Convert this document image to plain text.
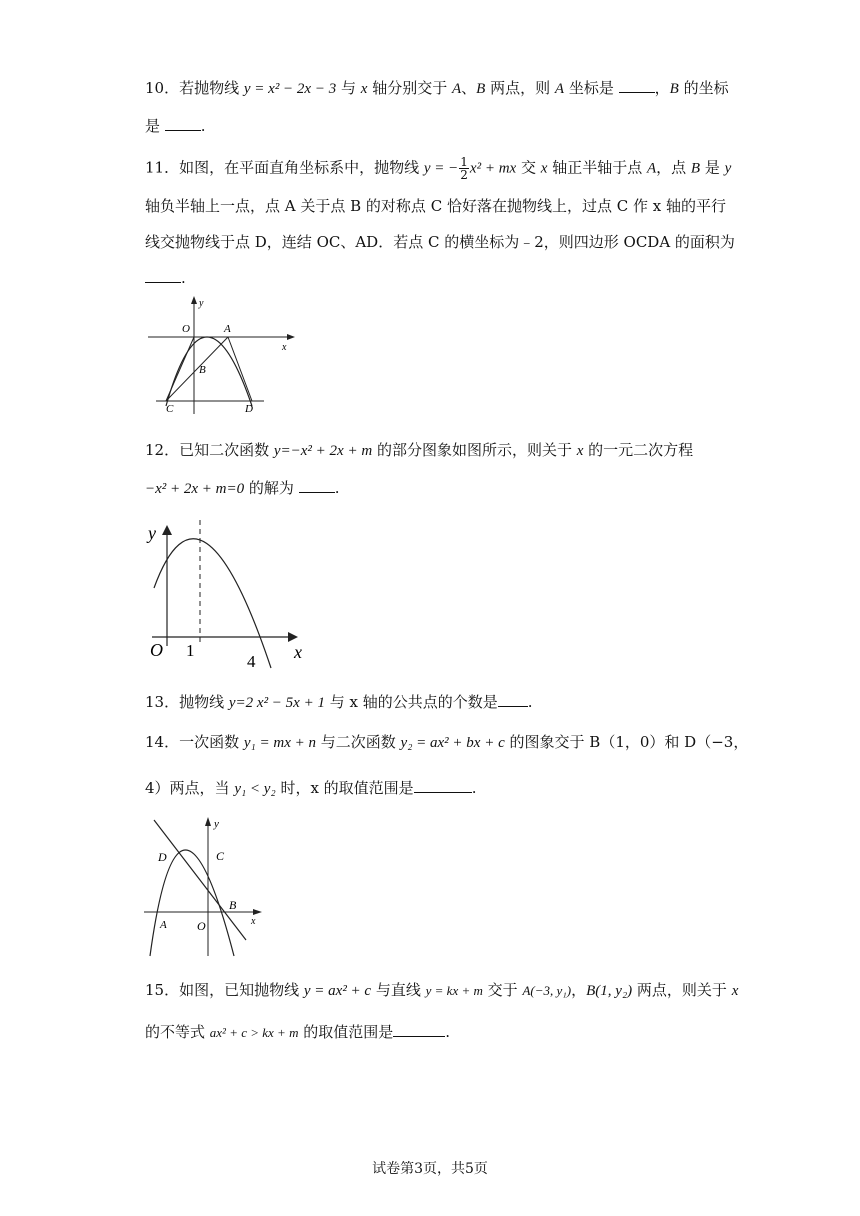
10．若抛物线 y = x² − 2x − 3 与 x 轴分别交于 A、B 两点，则 A 坐标是 ，B 的坐标
是 .
11．如图，在平面直角坐标系中，抛物线 y = − $\frac{1}{2} x^2$ + mx 交 x 轴正半轴于点 A，点 B 是 y
轴负半轴上一点，点 A 关于点 B 的对称点 C 恰好落在抛物线上，过点 C 作 x 轴的平行
线交抛物线于点 D，连结 OC、AD．若点 C 的横坐标为﹣2，则四边形 OCDA 的面积为
.
y
x
O	A
B
C	D
12．已知二次函数 y=−x² + 2x + m 的部分图象如图所示，则关于 x 的一元二次方程
−x² + 2x + m=0 的解为 .
y
x
O 1
4
13．抛物线 y=2 x² − 5x + 1 与 x 轴的公共点的个数是 .
14．一次函数 y₁ = mx + n 与二次函数 y₂ = ax² + bx + c 的图象交于 B（1，0）和 D（−3，
4）两点，当 y₁ < y₂ 时，x 的取值范围是	.
y
x
O
A
B
C
D
15．如图，已知抛物线 y = ax² + c 与直线 y = kx + m 交于 A(−3, y₁)，B(1, y₂) 两点，则关于 x
的不等式 ax² + c > kx + m 的取值范围是	.
试卷第3页，共5页
